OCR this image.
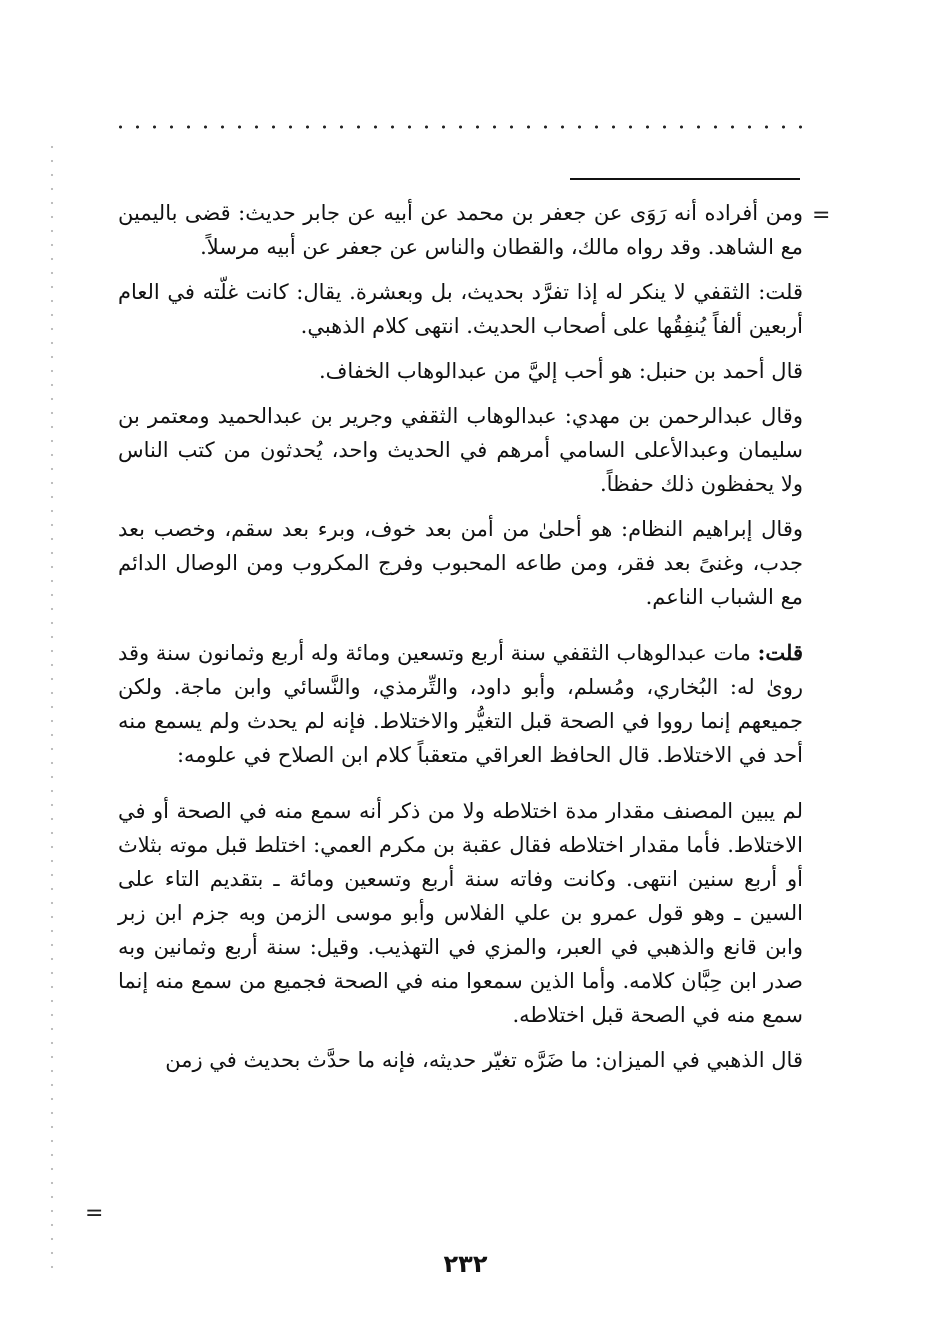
=

ومن أفراده أنه رَوَى عن جعفر بن محمد عن أبيه عن جابر حديث: قضى باليمين مع الشاهد. وقد رواه مالك، والقطان والناس عن جعفر عن أبيه مرسلاً.

قلت: الثقفي لا ينكر له إذا تفرَّد بحديث، بل وبعشرة. يقال: كانت غلّته في العام أربعين ألفاً يُنفِقُها على أصحاب الحديث. انتهى كلام الذهبي.

قال أحمد بن حنبل: هو أحب إليَّ من عبدالوهاب الخفاف.

وقال عبدالرحمن بن مهدي: عبدالوهاب الثقفي وجرير بن عبدالحميد ومعتمر بن سليمان وعبدالأعلى السامي أمرهم في الحديث واحد، يُحدثون من كتب الناس ولا يحفظون ذلك حفظاً.

وقال إبراهيم النظام: هو أحلىٰ من أمن بعد خوف، وبرء بعد سقم، وخصب بعد جدب، وغنىً بعد فقر، ومن طاعه المحبوب وفرج المكروب ومن الوصال الدائم مع الشباب الناعم.

قلت: مات عبدالوهاب الثقفي سنة أربع وتسعين ومائة وله أربع وثمانون سنة وقد روىٰ له: البُخاري، ومُسلم، وأبو داود، والتِّرمذي، والنَّسائي وابن ماجة. ولكن جميعهم إنما رووا في الصحة قبل التغيُّر والاختلاط. فإنه لم يحدث ولم يسمع منه أحد في الاختلاط. قال الحافظ العراقي متعقباً كلام ابن الصلاح في علومه:

لم يبين المصنف مقدار مدة اختلاطه ولا من ذكر أنه سمع منه في الصحة أو في الاختلاط. فأما مقدار اختلاطه فقال عقبة بن مكرم العمي: اختلط قبل موته بثلاث أو أربع سنين انتهى. وكانت وفاته سنة أربع وتسعين ومائة ـ بتقديم التاء على السين ـ وهو قول عمرو بن علي الفلاس وأبو موسى الزمن وبه جزم ابن زبر وابن قانع والذهبي في العبر، والمزي في التهذيب. وقيل: سنة أربع وثمانين وبه صدر ابن حِبَّان كلامه. وأما الذين سمعوا منه في الصحة فجميع من سمع منه إنما سمع منه في الصحة قبل اختلاطه.

قال الذهبي في الميزان: ما ضَرَّه تغيّر حديثه، فإنه ما حدَّث بحديث في زمن

=
٢٣٢
